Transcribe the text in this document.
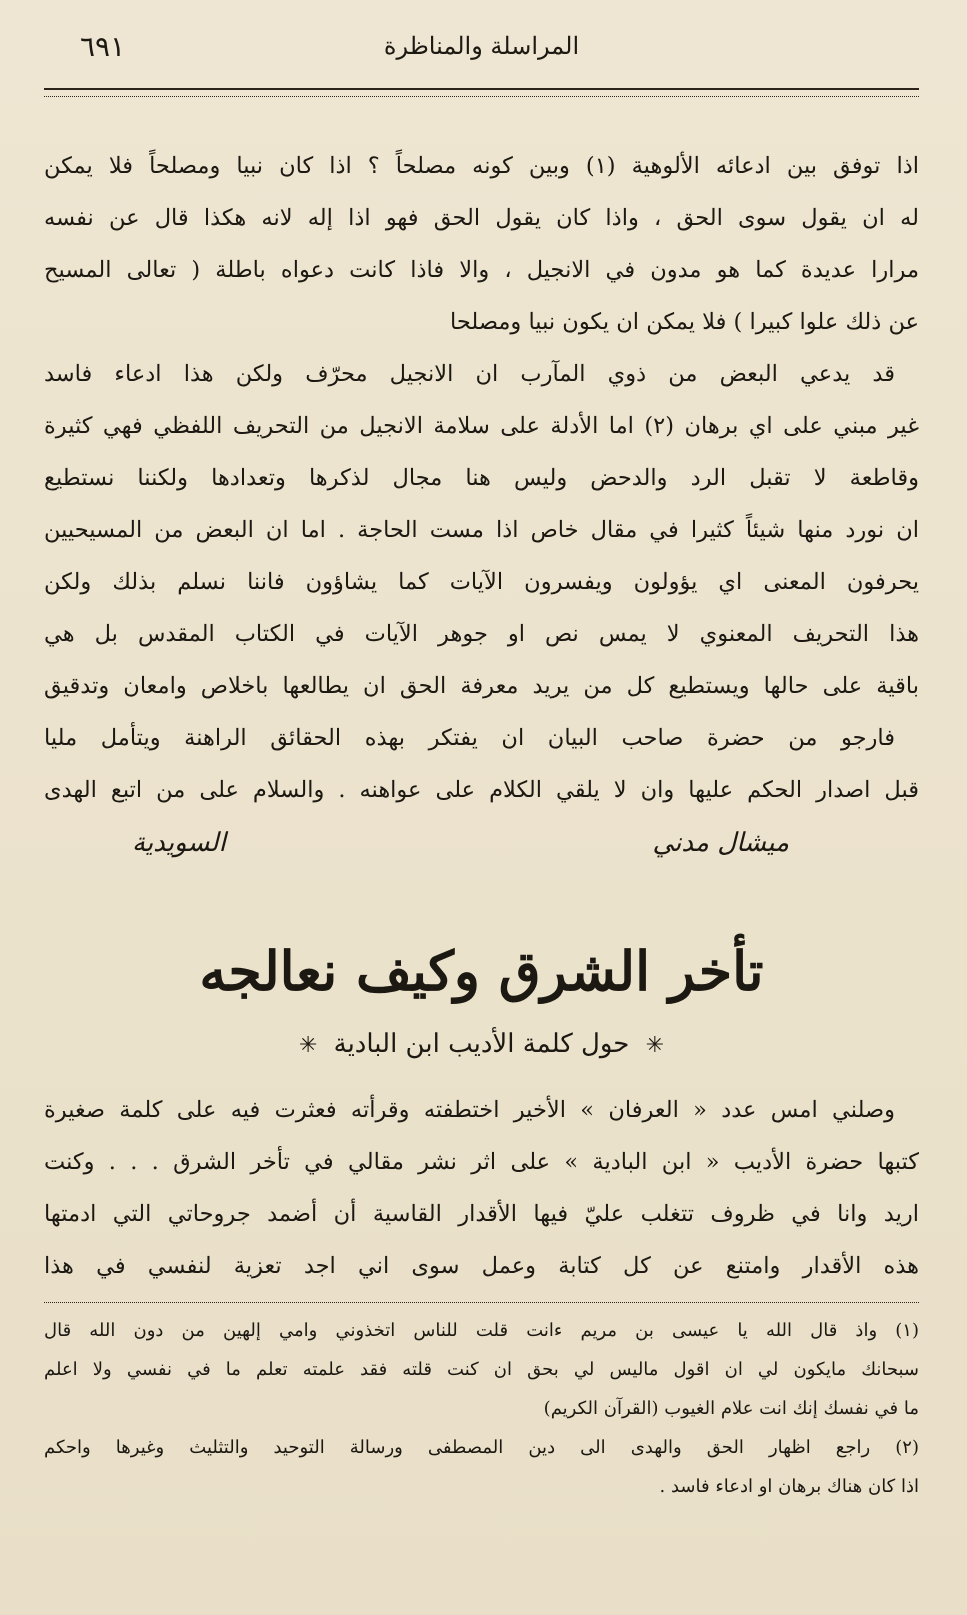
٦٩١	المراسلة والمناظرة
اذا توفق بين ادعائه الألوهية (١) وبين كونه مصلحاً ؟ اذا كان نبيا ومصلحاً فلا يمكن
له ان يقول سوى الحق ، واذا كان يقول الحق فهو اذا إله لانه هكذا قال عن نفسه
مرارا عديدة كما هو مدون في الانجيل ، والا فاذا كانت دعواه باطلة ( تعالى المسيح
عن ذلك علوا كبيرا ) فلا يمكن ان يكون نبيا ومصلحا
قد يدعي البعض من ذوي المآرب ان الانجيل محرّف ولكن هذا ادعاء فاسد
غير مبني على اي برهان (٢) اما الأدلة على سلامة الانجيل من التحريف اللفظي فهي كثيرة
وقاطعة لا تقبل الرد والدحض وليس هنا مجال لذكرها وتعدادها ولكننا نستطيع
ان نورد منها شيئاً كثيرا في مقال خاص اذا مست الحاجة . اما ان البعض من المسيحيين
يحرفون المعنى اي يؤولون ويفسرون الآيات كما يشاؤون فاننا نسلم بذلك ولكن
هذا التحريف المعنوي لا يمس نص او جوهر الآيات في الكتاب المقدس بل هي
باقية على حالها ويستطيع كل من يريد معرفة الحق ان يطالعها باخلاص وامعان وتدقيق
فارجو من حضرة صاحب البيان ان يفتكر بهذه الحقائق الراهنة ويتأمل مليا
قبل اصدار الحكم عليها وان لا يلقي الكلام على عواهنه . والسلام على من اتبع الهدى
ميشال مدني
السويدية
تأخر الشرق وكيف نعالجه
✳ حول كلمة الأديب ابن البادية ✳
وصلني امس عدد « العرفان » الأخير اختطفته وقرأته فعثرت فيه على كلمة صغيرة
كتبها حضرة الأديب « ابن البادية » على اثر نشر مقالي في تأخر الشرق . . . وكنت
اريد وانا في ظروف تتغلب عليّ فيها الأقدار القاسية أن أضمد جروحاتي التي ادمتها
هذه الأقدار وامتنع عن كل كتابة وعمل سوى اني اجد تعزية لنفسي في هذا
(١) واذ قال الله يا عيسى بن مريم ءانت قلت للناس اتخذوني وامي إلهين من دون الله قال
سبحانك مايكون لي ان اقول ماليس لي بحق ان كنت قلته فقد علمته تعلم ما في نفسي ولا اعلم
ما في نفسك إنك انت علام الغيوب (القرآن الكريم)
(٢) راجع اظهار الحق والهدى الى دين المصطفى ورسالة التوحيد والتثليث وغيرها واحكم
اذا كان هناك برهان او ادعاء فاسد .
